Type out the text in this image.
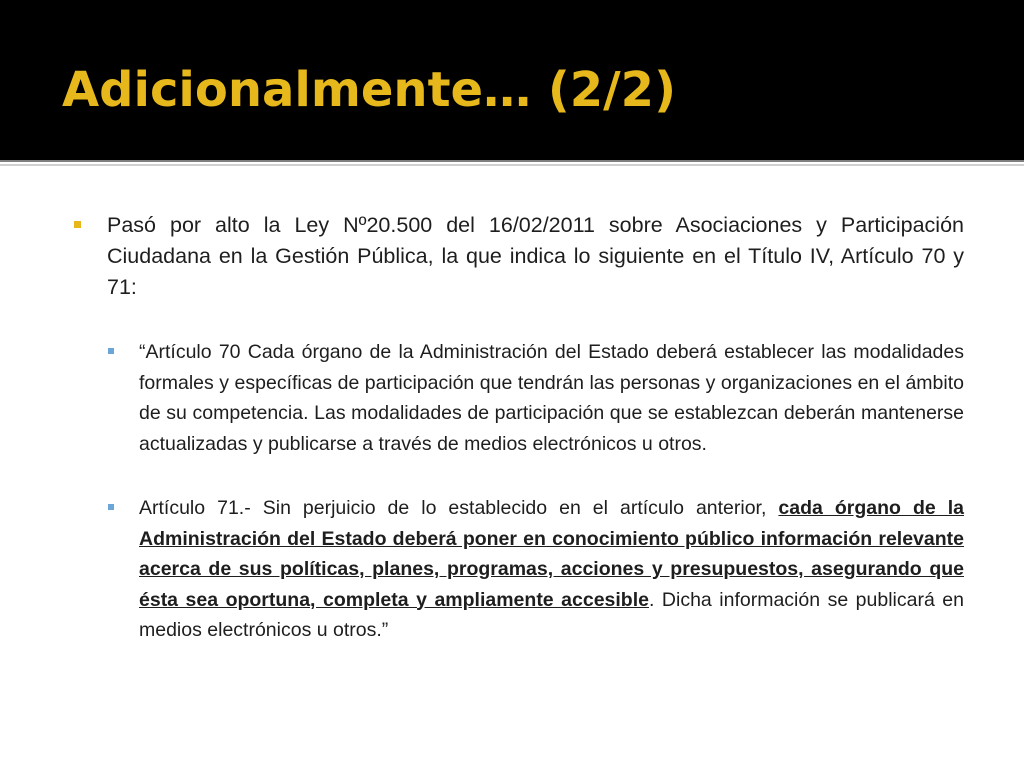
Adicionalmente… (2/2)

Pasó por alto la Ley Nº20.500 del 16/02/2011 sobre Asociaciones y Participación Ciudadana en la Gestión Pública, la que indica lo siguiente en el Título IV, Artículo 70 y 71:

“Artículo 70 Cada órgano de la Administración del Estado deberá establecer las modalidades formales y específicas de participación que tendrán las personas y organizaciones en el ámbito de su competencia. Las modalidades de participación que se establezcan deberán mantenerse actualizadas y publicarse a través de medios electrónicos u otros.

Artículo 71.- Sin perjuicio de lo establecido en el artículo anterior, cada órgano de la Administración del Estado deberá poner en conocimiento público información relevante acerca de sus políticas, planes, programas, acciones y presupuestos, asegurando que ésta sea oportuna, completa y ampliamente accesible. Dicha información se publicará en medios electrónicos u otros.”
